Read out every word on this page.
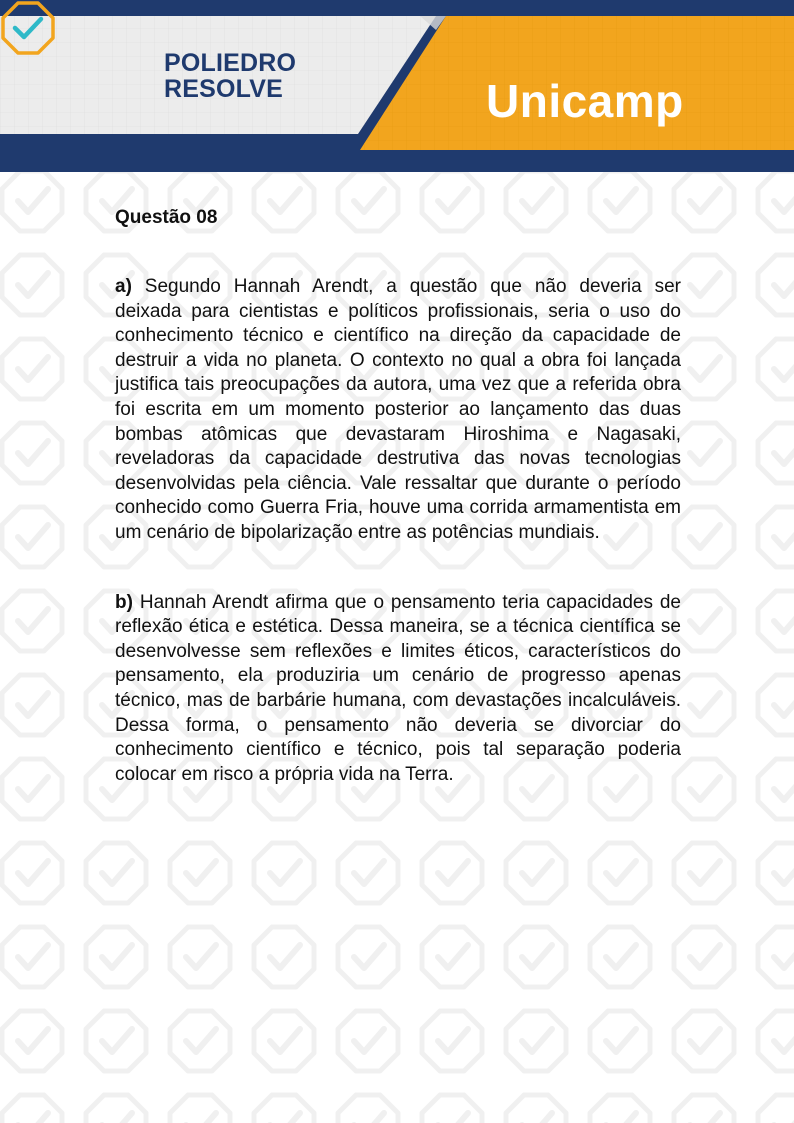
POLIEDRO
RESOLVE	Unicamp
Questão 08

a) Segundo Hannah Arendt, a questão que não deveria ser deixada para cientistas e políticos profissionais, seria o uso do conhecimento técnico e científico na direção da capacidade de destruir a vida no planeta. O contexto no qual a obra foi lançada justifica tais preocupações da autora, uma vez que a referida obra foi escrita em um momento posterior ao lançamento das duas bombas atômicas que devastaram Hiroshima e Nagasaki, reveladoras da capacidade destrutiva das novas tecnologias desenvolvidas pela ciência. Vale ressaltar que durante o período conhecido como Guerra Fria, houve uma corrida armamentista em um cenário de bipolarização entre as potências mundiais.

b) Hannah Arendt afirma que o pensamento teria capacidades de reflexão ética e estética. Dessa maneira, se a técnica científica se desenvolvesse sem reflexões e limites éticos, característicos do pensamento, ela produziria um cenário de progresso apenas técnico, mas de barbárie humana, com devastações incalculáveis. Dessa forma, o pensamento não deveria se divorciar do conhecimento científico e técnico, pois tal separação poderia colocar em risco a própria vida na Terra.
